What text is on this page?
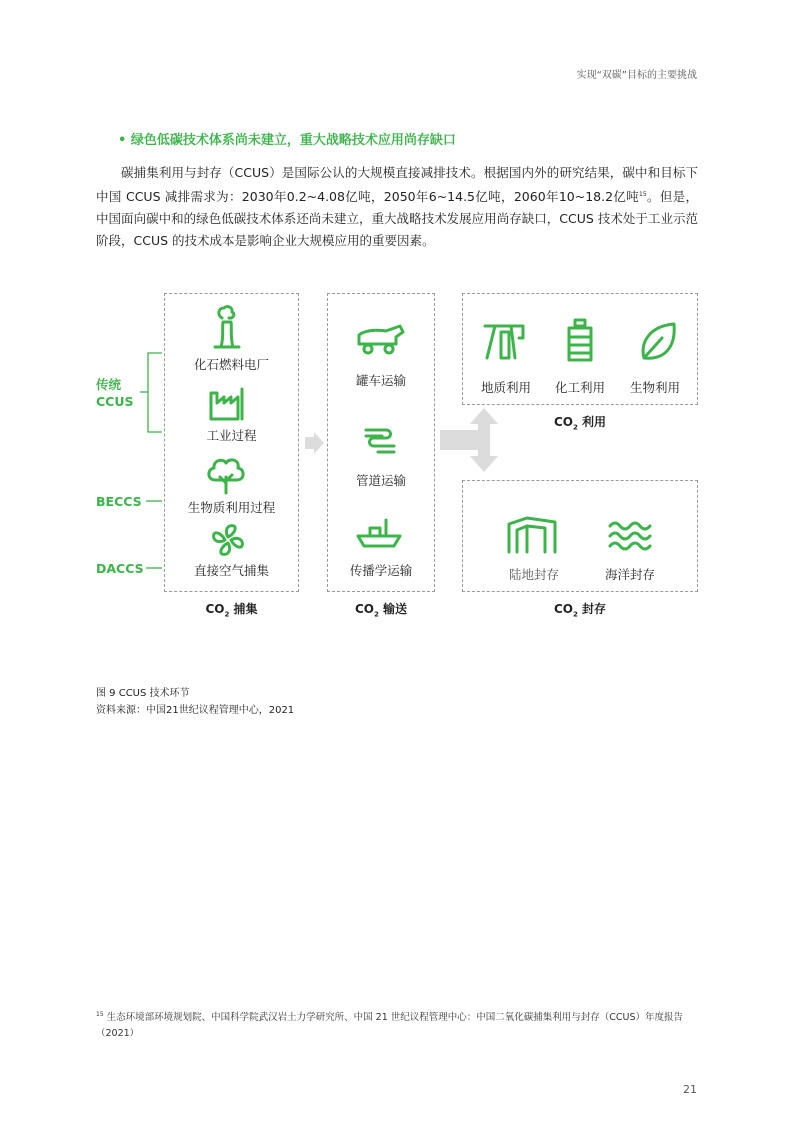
实现“双碳”目标的主要挑战
• 绿色低碳技术体系尚未建立，重大战略技术应用尚存缺口

碳捕集利用与封存（CCUS）是国际公认的大规模直接减排技术。根据国内外的研究结果，碳中和目标下中国 CCUS 减排需求为：2030年0.2~4.08亿吨，2050年6~14.5亿吨，2060年10~18.2亿吨$^{15}$。但是，中国面向碳中和的绿色低碳技术体系还尚未建立，重大战略技术发展应用尚存缺口，CCUS 技术处于工业示范阶段，CCUS 的技术成本是影响企业大规模应用的重要因素。

传统
CCUS
BECCS
DACCS
化石燃料电厂
工业过程
生物质利用过程
直接空气捕集
$CO_2$ 捕集
罐车运输
管道运输
传播学运输
$CO_2$ 输送
地质利用	化工利用	生物利用
$CO_2$ 利用
陆地封存	海洋封存
$CO_2$ 封存
图 9 CCUS 技术环节
资料来源：中国21世纪议程管理中心，2021
$^{15}$ 生态环境部环境规划院、中国科学院武汉岩土力学研究所、中国 21 世纪议程管理中心：中国二氧化碳捕集利用与封存（CCUS）年度报告（2021）
21
